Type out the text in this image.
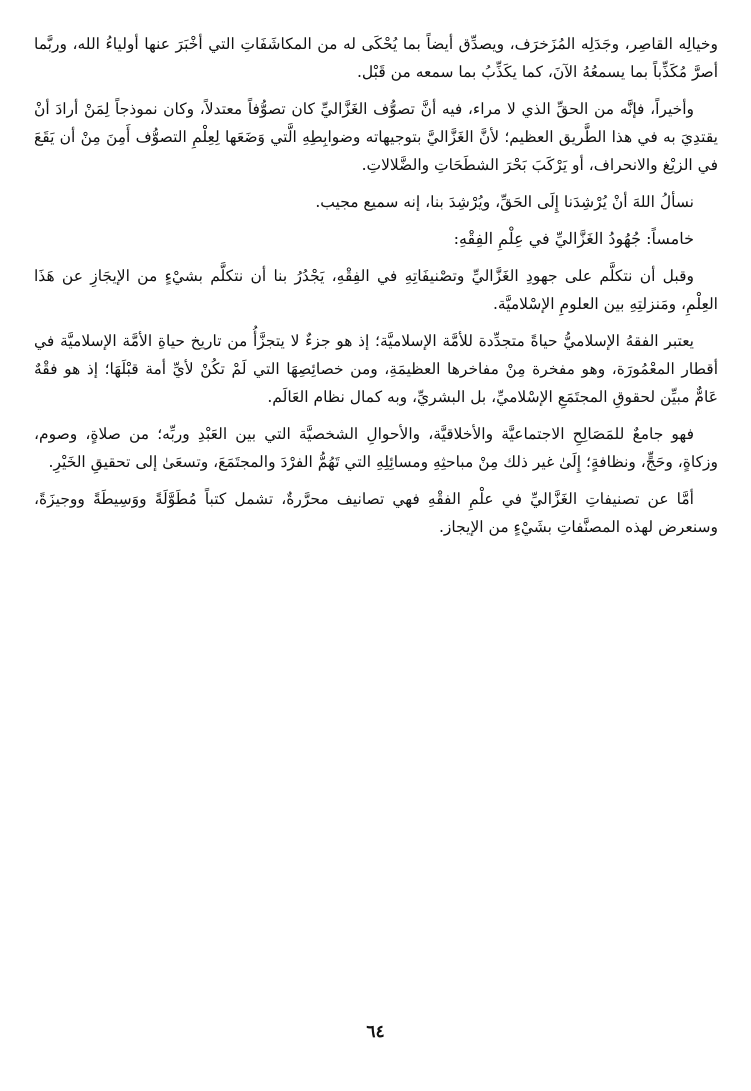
وخيالِه القاصِر، وجَدَلِه المُزَخرَف، ويصدِّق أيضاً بما يُحْكَى له من المكاشَفَاتِ التي أخْبَرَ عنها أولياءُ الله، وربَّما أصرَّ مُكَذِّباً بما يسمعُهُ الآنَ، كما يكَذِّبُ بما سمعه من قَبْل.

وأخيراً، فإنَّه من الحقِّ الذي لا مراء، فيه أنَّ تصوُّف الغَزَّاليِّ كان تصوُّفاً معتدلاً، وكان نموذجاً لِمَنْ أرادَ أنْ يقتدِيَ به في هذا الطَّريق العظيم؛ لأنَّ الغَزَّاليَّ بتوجيهاته وضوابِطِهِ الَّتي وَضَعَها لِعِلْمِ التصوُّف أَمِنَ مِنْ أن يَقَعَ في الزيْغ والانحراف، أو يَرْكَبَ بَحْرَ الشطَحَاتِ والضَّلالاتِ.

نسألُ اللهَ أنْ يُرْشِدَنا إِلَى الحَقِّ، ويُرْشِدَ بنا، إنه سميع مجيب.

خامساً: جُهُودُ الغَزَّاليِّ في عِلْمِ الفِقْهِ:

وقبل أن نتكلَّم على جهودِ الغَزَّاليِّ وتصْنيفَاتِهِ في الفِقْهِ، يَجْدُرُ بنا أن نتكلَّم بشيْءٍ من الإيجَازِ عن هَذَا العِلْمِ، ومَنزلتِهِ بين العلومِ الإسْلاميَّة.

يعتبر الفقهُ الإسلاميُّ حياةً متجدِّدة للأمَّة الإسلاميَّة؛ إذ هو جزءٌ لا يتجزَّأُ من تاريخ حياةِ الأمَّة الإسلاميَّة في أقطار المعْمُورَة، وهو مفخرة مِنْ مفاخرها العظيمَةِ، ومن خصائِصِهَا التي لَمْ تكُنْ لأيِّ أمة قبْلَهَا؛ إذ هو فقْهٌ عَامٌّ مبيِّن لحقوقِ المجتَمَعِ الإسْلاميِّ، بل البشريِّ، وبه كمال نظام العَالَم.

فهو جامعٌ للمَصَالِحِ الاجتماعيَّة والأخلاقيَّة، والأحوالِ الشخصيَّة التي بين العَبْدِ وربِّه؛ من صلاةٍ، وصوم، وزكاةٍ، وحَجٍّ، ونظافةٍ؛ إِلَىٰ غير ذلك مِنْ مباحثِهِ ومسائِلِهِ التي تَهُمُّ الفرْدَ والمجتَمَعَ، وتسعَىٰ إلى تحقيقِ الخَيْرِ.

أمَّا عن تصنيفاتِ الغَزَّاليِّ في علْمِ الفقْهِ فهي تصانيف محرَّرةٌ، تشمل كتباً مُطَوَّلَةً ووَسِيطَةً ووجيزَةً، وسنعرض لهذه المصنَّفاتِ بشَيْءٍ من الإيجاز.

٦٤
